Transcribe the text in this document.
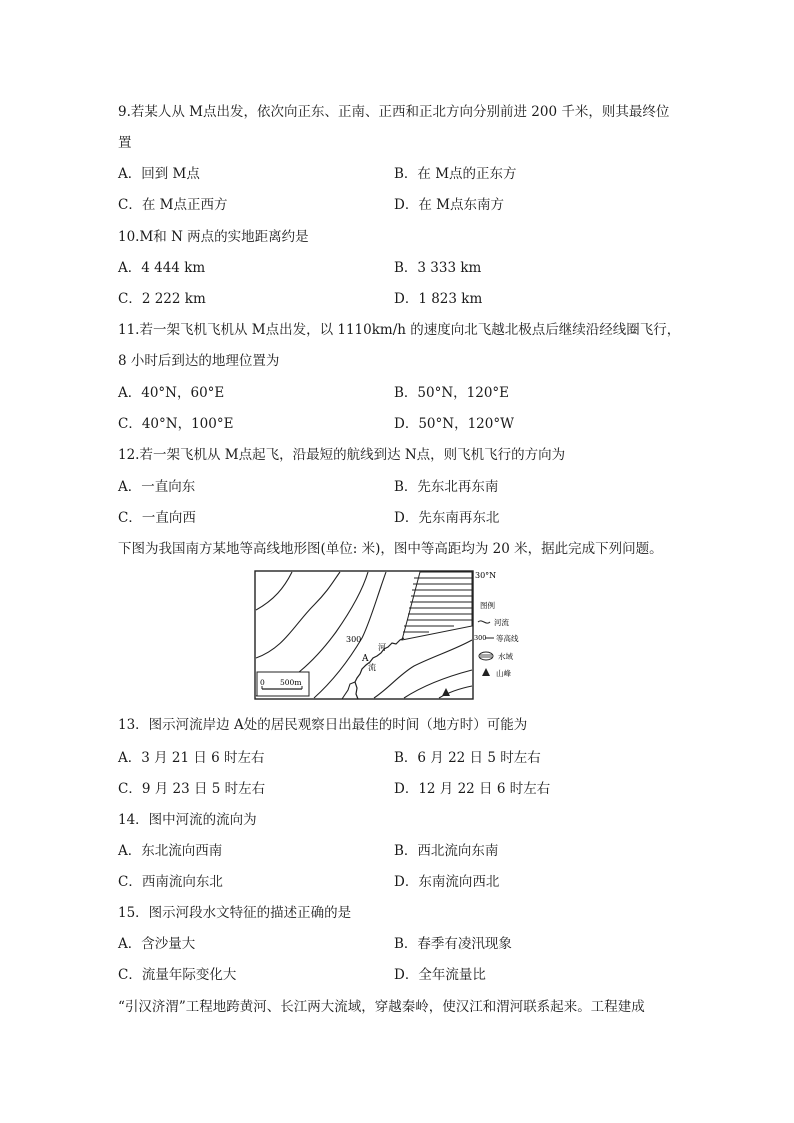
9.若某人从 M点出发，依次向正东、正南、正西和正北方向分别前进 200 千米，则其最终位
置
A．回到 M点	B．在 M点的正东方
C．在 M点正西方	D．在 M点东南方
10.M和 N 两点的实地距离约是
A．4 444 km	B．3 333 km
C．2 222 km	D．1 823 km
11.若一架飞机飞机从 M点出发，以 1110km/h 的速度向北飞越北极点后继续沿经线圈飞行，
8 小时后到达的地理位置为
A．40°N，60°E	B．50°N，120°E
C．40°N，100°E	D．50°N，120°W
12.若一架飞机从 M点起飞，沿最短的航线到达 N点，则飞机飞行的方向为
A．一直向东	B．先东北再东南
C．一直向西	D．先东南再东北
下图为我国南方某地等高线地形图(单位: 米)，图中等高距均为 20 米，据此完成下列问题。
30°N
300
A
河
流
0 500m
图例
河流
300 等高线
水域
山峰
13．图示河流岸边 A处的居民观察日出最佳的时间（地方时）可能为
A．3 月 21 日 6 时左右	B．6 月 22 日 5 时左右
C．9 月 23 日 5 时左右	D．12 月 22 日 6 时左右
14．图中河流的流向为
A．东北流向西南	B．西北流向东南
C．西南流向东北	D．东南流向西北
15．图示河段水文特征的描述正确的是
A．含沙量大	B．春季有凌汛现象
C．流量年际变化大	D．全年流量比
“引汉济渭”工程地跨黄河、长江两大流域，穿越秦岭，使汉江和渭河联系起来。工程建成
